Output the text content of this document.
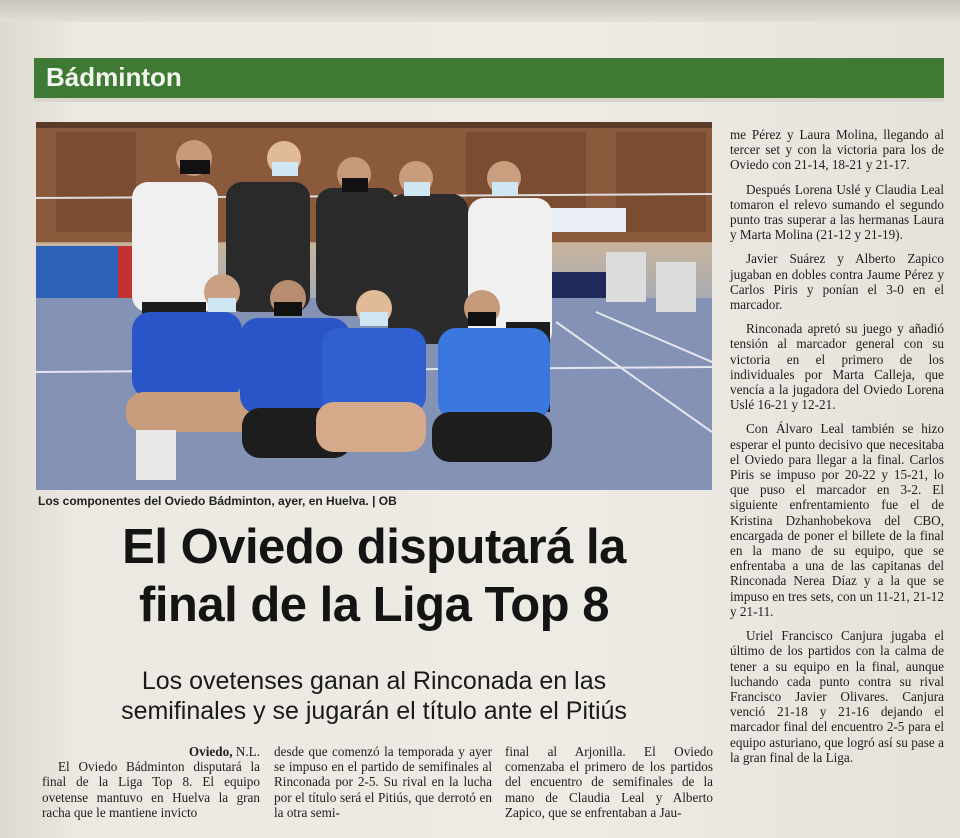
Bádminton
Los componentes del Oviedo Bádminton, ayer, en Huelva. | OB
El Oviedo disputará la
final de la Liga Top 8
Los ovetenses ganan al Rinconada en las
semifinales y se jugarán el título ante el Pitiús

Oviedo, N.L.

El Oviedo Bádminton disputará la final de la Liga Top 8. El equipo ovetense mantuvo en Huelva la gran racha que le mantiene invicto

desde que comenzó la temporada y ayer se impuso en el partido de semifinales al Rinconada por 2-5. Su rival en la lucha por el título será el Pitiús, que derrotó en la otra semi-

final al Arjonilla. El Oviedo comenzaba el primero de los partidos del encuentro de semifinales de la mano de Claudia Leal y Alberto Zapico, que se enfrentaban a Jau-

me Pérez y Laura Molina, llegando al tercer set y con la victoria para los de Oviedo con 21-14, 18-21 y 21-17.

Después Lorena Uslé y Claudia Leal tomaron el relevo sumando el segundo punto tras superar a las hermanas Laura y Marta Molina (21-12 y 21-19).

Javier Suárez y Alberto Zapico jugaban en dobles contra Jaume Pérez y Carlos Piris y ponían el 3-0 en el marcador.

Rinconada apretó su juego y añadió tensión al marcador general con su victoria en el primero de los individuales por Marta Calleja, que vencía a la jugadora del Oviedo Lorena Uslé 16-21 y 12-21.

Con Álvaro Leal también se hizo esperar el punto decisivo que necesitaba el Oviedo para llegar a la final. Carlos Piris se impuso por 20-22 y 15-21, lo que puso el marcador en 3-2. El siguiente enfrentamiento fue el de Kristina Dzhanhobekova del CBO, encargada de poner el billete de la final en la mano de su equipo, que se enfrentaba a una de las capitanas del Rinconada Nerea Díaz y a la que se impuso en tres sets, con un 11-21, 21-12 y 21-11.

Uriel Francisco Canjura jugaba el último de los partidos con la calma de tener a su equipo en la final, aunque luchando cada punto contra su rival Francisco Javier Olivares. Canjura venció 21-18 y 21-16 dejando el marcador final del encuentro 2-5 para el equipo asturiano, que logró así su pase a la gran final de la Liga.
